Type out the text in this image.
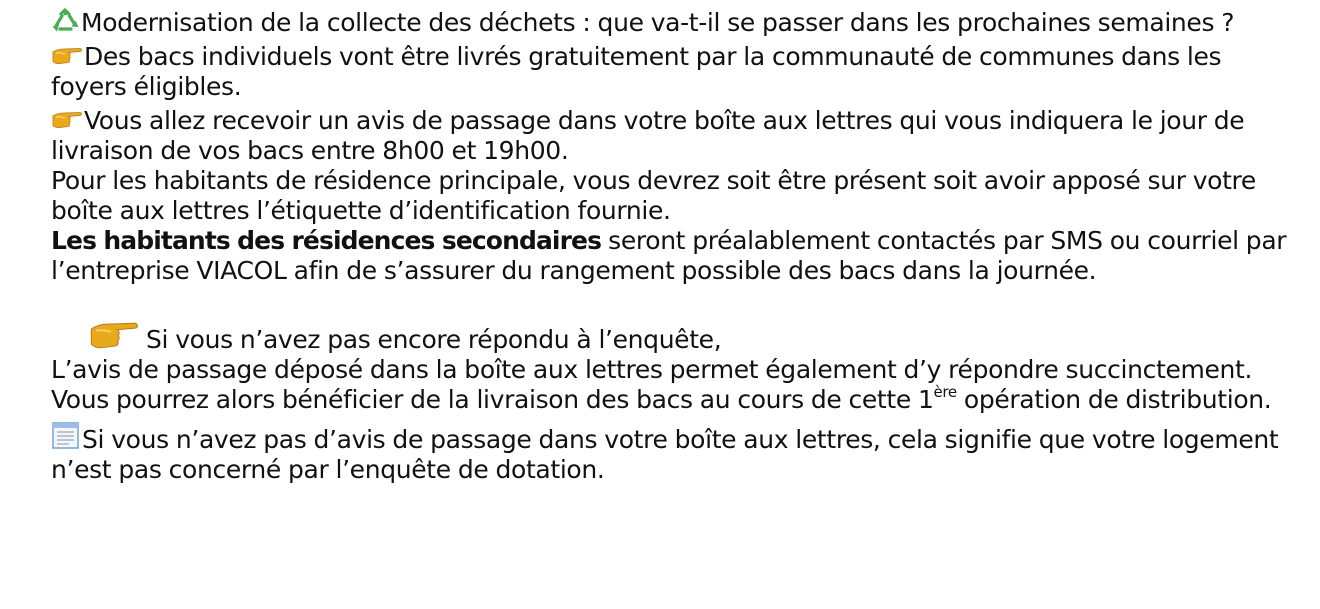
Modernisation de la collecte des déchets : que va-t-il se passer dans les prochaines semaines ?

Des bacs individuels vont être livrés gratuitement par la communauté de communes dans les foyers éligibles.

Vous allez recevoir un avis de passage dans votre boîte aux lettres qui vous indiquera le jour de livraison de vos bacs entre 8h00 et 19h00.

Pour les habitants de résidence principale, vous devrez soit être présent soit avoir apposé sur votre boîte aux lettres l’étiquette d’identification fournie.

Les habitants des résidences secondaires seront préalablement contactés par SMS ou courriel par l’entreprise VIACOL afin de s’assurer du rangement possible des bacs dans la journée.

Si vous n’avez pas encore répondu à l’enquête,

L’avis de passage déposé dans la boîte aux lettres permet également d’y répondre succinctement. Vous pourrez alors bénéficier de la livraison des bacs au cours de cette 1ère opération de distribution.

Si vous n’avez pas d’avis de passage dans votre boîte aux lettres, cela signifie que votre logement n’est pas concerné par l’enquête de dotation.
